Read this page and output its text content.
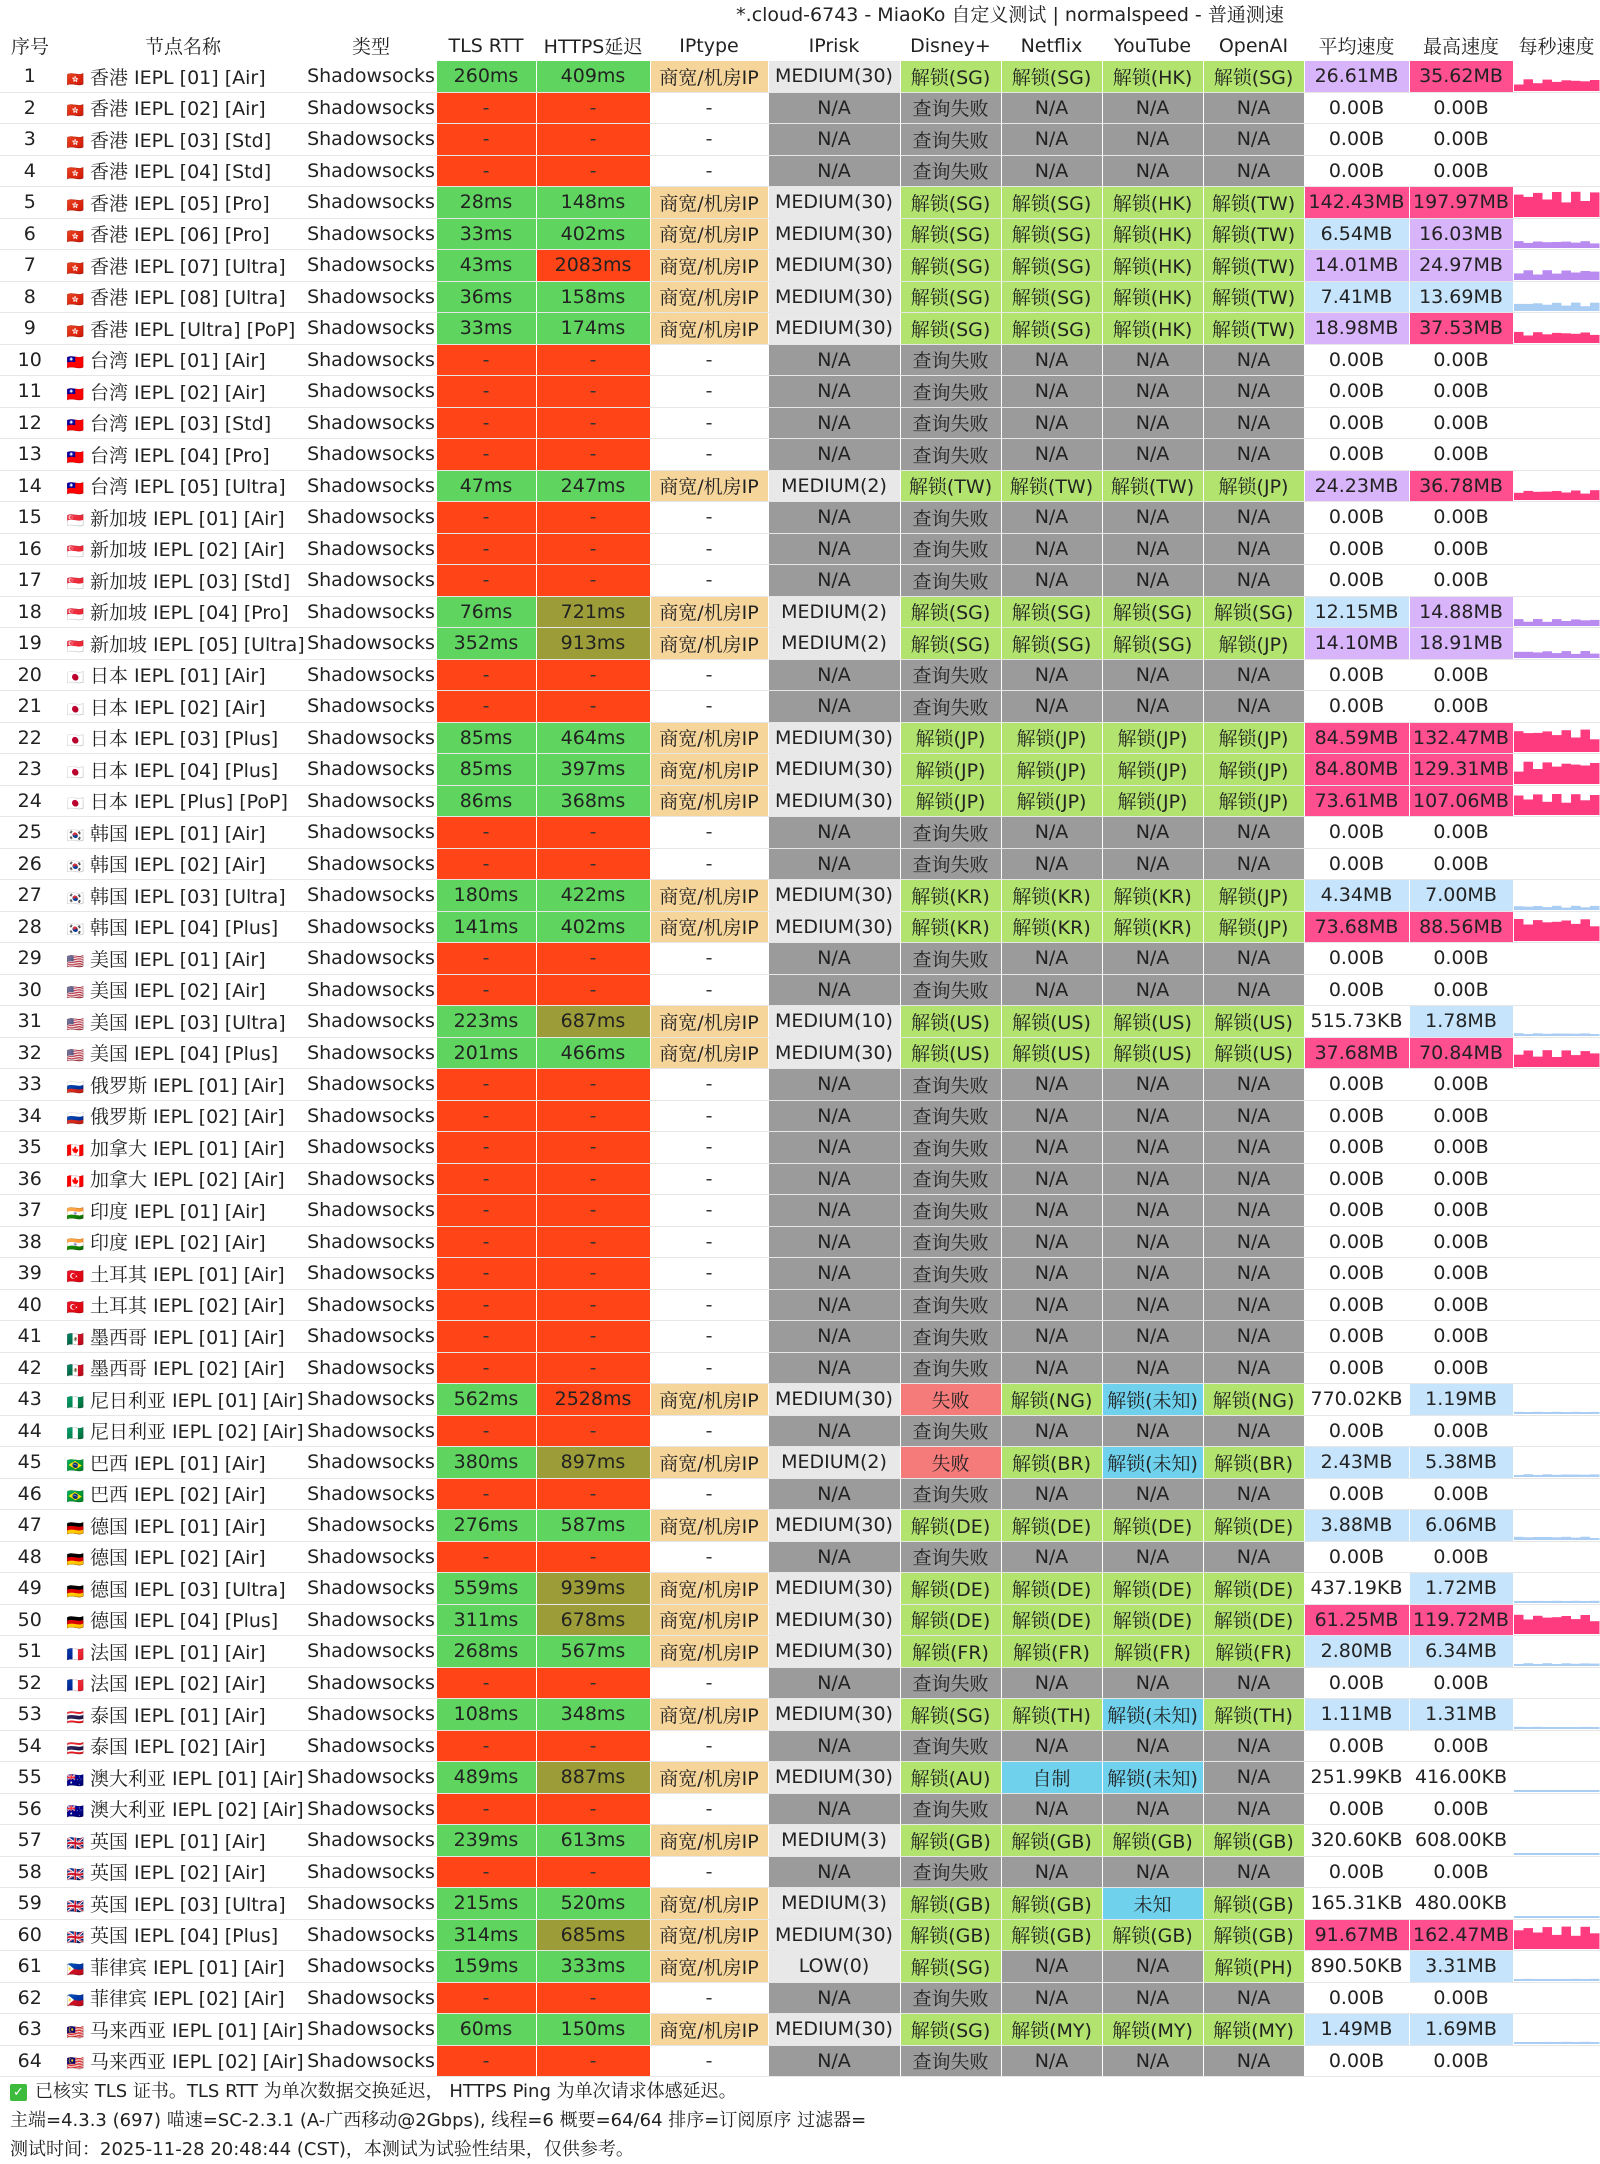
*.cloud-6743 - MiaoKo 自定义测试 | normalspeed - 普通测速
序号	节点名称	类型	TLS RTT	HTTPS延迟	IPtype	IPrisk	Disney+	Netflix	YouTube	OpenAI	平均速度	最高速度	每秒速度
1	🇭🇰 香港 IEPL [01] [Air]	Shadowsocks	260ms	409ms	商宽/机房IP	MEDIUM(30)	解锁(SG)	解锁(SG)	解锁(HK)	解锁(SG)	26.61MB	35.62MB	

2	🇭🇰 香港 IEPL [02] [Air]	Shadowsocks	-	-	-	N/A	查询失败	N/A	N/A	N/A	0.00B	0.00B	
3	🇭🇰 香港 IEPL [03] [Std]	Shadowsocks	-	-	-	N/A	查询失败	N/A	N/A	N/A	0.00B	0.00B	
4	🇭🇰 香港 IEPL [04] [Std]	Shadowsocks	-	-	-	N/A	查询失败	N/A	N/A	N/A	0.00B	0.00B	
5	🇭🇰 香港 IEPL [05] [Pro]	Shadowsocks	28ms	148ms	商宽/机房IP	MEDIUM(30)	解锁(SG)	解锁(SG)	解锁(HK)	解锁(TW)	142.43MB	197.97MB	

6	🇭🇰 香港 IEPL [06] [Pro]	Shadowsocks	33ms	402ms	商宽/机房IP	MEDIUM(30)	解锁(SG)	解锁(SG)	解锁(HK)	解锁(TW)	6.54MB	16.03MB	

7	🇭🇰 香港 IEPL [07] [Ultra]	Shadowsocks	43ms	2083ms	商宽/机房IP	MEDIUM(30)	解锁(SG)	解锁(SG)	解锁(HK)	解锁(TW)	14.01MB	24.97MB	

8	🇭🇰 香港 IEPL [08] [Ultra]	Shadowsocks	36ms	158ms	商宽/机房IP	MEDIUM(30)	解锁(SG)	解锁(SG)	解锁(HK)	解锁(TW)	7.41MB	13.69MB	

9	🇭🇰 香港 IEPL [Ultra] [PoP]	Shadowsocks	33ms	174ms	商宽/机房IP	MEDIUM(30)	解锁(SG)	解锁(SG)	解锁(HK)	解锁(TW)	18.98MB	37.53MB	

10	🇹🇼 台湾 IEPL [01] [Air]	Shadowsocks	-	-	-	N/A	查询失败	N/A	N/A	N/A	0.00B	0.00B	
11	🇹🇼 台湾 IEPL [02] [Air]	Shadowsocks	-	-	-	N/A	查询失败	N/A	N/A	N/A	0.00B	0.00B	
12	🇹🇼 台湾 IEPL [03] [Std]	Shadowsocks	-	-	-	N/A	查询失败	N/A	N/A	N/A	0.00B	0.00B	
13	🇹🇼 台湾 IEPL [04] [Pro]	Shadowsocks	-	-	-	N/A	查询失败	N/A	N/A	N/A	0.00B	0.00B	
14	🇹🇼 台湾 IEPL [05] [Ultra]	Shadowsocks	47ms	247ms	商宽/机房IP	MEDIUM(2)	解锁(TW)	解锁(TW)	解锁(TW)	解锁(JP)	24.23MB	36.78MB	

15	🇸🇬 新加坡 IEPL [01] [Air]	Shadowsocks	-	-	-	N/A	查询失败	N/A	N/A	N/A	0.00B	0.00B	
16	🇸🇬 新加坡 IEPL [02] [Air]	Shadowsocks	-	-	-	N/A	查询失败	N/A	N/A	N/A	0.00B	0.00B	
17	🇸🇬 新加坡 IEPL [03] [Std]	Shadowsocks	-	-	-	N/A	查询失败	N/A	N/A	N/A	0.00B	0.00B	
18	🇸🇬 新加坡 IEPL [04] [Pro]	Shadowsocks	76ms	721ms	商宽/机房IP	MEDIUM(2)	解锁(SG)	解锁(SG)	解锁(SG)	解锁(SG)	12.15MB	14.88MB	

19	🇸🇬 新加坡 IEPL [05] [Ultra]	Shadowsocks	352ms	913ms	商宽/机房IP	MEDIUM(2)	解锁(SG)	解锁(SG)	解锁(SG)	解锁(JP)	14.10MB	18.91MB	

20	🇯🇵 日本 IEPL [01] [Air]	Shadowsocks	-	-	-	N/A	查询失败	N/A	N/A	N/A	0.00B	0.00B	
21	🇯🇵 日本 IEPL [02] [Air]	Shadowsocks	-	-	-	N/A	查询失败	N/A	N/A	N/A	0.00B	0.00B	
22	🇯🇵 日本 IEPL [03] [Plus]	Shadowsocks	85ms	464ms	商宽/机房IP	MEDIUM(30)	解锁(JP)	解锁(JP)	解锁(JP)	解锁(JP)	84.59MB	132.47MB	

23	🇯🇵 日本 IEPL [04] [Plus]	Shadowsocks	85ms	397ms	商宽/机房IP	MEDIUM(30)	解锁(JP)	解锁(JP)	解锁(JP)	解锁(JP)	84.80MB	129.31MB	

24	🇯🇵 日本 IEPL [Plus] [PoP]	Shadowsocks	86ms	368ms	商宽/机房IP	MEDIUM(30)	解锁(JP)	解锁(JP)	解锁(JP)	解锁(JP)	73.61MB	107.06MB	

25	🇰🇷 韩国 IEPL [01] [Air]	Shadowsocks	-	-	-	N/A	查询失败	N/A	N/A	N/A	0.00B	0.00B	
26	🇰🇷 韩国 IEPL [02] [Air]	Shadowsocks	-	-	-	N/A	查询失败	N/A	N/A	N/A	0.00B	0.00B	
27	🇰🇷 韩国 IEPL [03] [Ultra]	Shadowsocks	180ms	422ms	商宽/机房IP	MEDIUM(30)	解锁(KR)	解锁(KR)	解锁(KR)	解锁(JP)	4.34MB	7.00MB	

28	🇰🇷 韩国 IEPL [04] [Plus]	Shadowsocks	141ms	402ms	商宽/机房IP	MEDIUM(30)	解锁(KR)	解锁(KR)	解锁(KR)	解锁(JP)	73.68MB	88.56MB	

29	🇺🇸 美国 IEPL [01] [Air]	Shadowsocks	-	-	-	N/A	查询失败	N/A	N/A	N/A	0.00B	0.00B	
30	🇺🇸 美国 IEPL [02] [Air]	Shadowsocks	-	-	-	N/A	查询失败	N/A	N/A	N/A	0.00B	0.00B	
31	🇺🇸 美国 IEPL [03] [Ultra]	Shadowsocks	223ms	687ms	商宽/机房IP	MEDIUM(10)	解锁(US)	解锁(US)	解锁(US)	解锁(US)	515.73KB	1.78MB	

32	🇺🇸 美国 IEPL [04] [Plus]	Shadowsocks	201ms	466ms	商宽/机房IP	MEDIUM(30)	解锁(US)	解锁(US)	解锁(US)	解锁(US)	37.68MB	70.84MB	

33	🇷🇺 俄罗斯 IEPL [01] [Air]	Shadowsocks	-	-	-	N/A	查询失败	N/A	N/A	N/A	0.00B	0.00B	
34	🇷🇺 俄罗斯 IEPL [02] [Air]	Shadowsocks	-	-	-	N/A	查询失败	N/A	N/A	N/A	0.00B	0.00B	
35	🇨🇦 加拿大 IEPL [01] [Air]	Shadowsocks	-	-	-	N/A	查询失败	N/A	N/A	N/A	0.00B	0.00B	
36	🇨🇦 加拿大 IEPL [02] [Air]	Shadowsocks	-	-	-	N/A	查询失败	N/A	N/A	N/A	0.00B	0.00B	
37	🇮🇳 印度 IEPL [01] [Air]	Shadowsocks	-	-	-	N/A	查询失败	N/A	N/A	N/A	0.00B	0.00B	
38	🇮🇳 印度 IEPL [02] [Air]	Shadowsocks	-	-	-	N/A	查询失败	N/A	N/A	N/A	0.00B	0.00B	
39	🇹🇷 土耳其 IEPL [01] [Air]	Shadowsocks	-	-	-	N/A	查询失败	N/A	N/A	N/A	0.00B	0.00B	
40	🇹🇷 土耳其 IEPL [02] [Air]	Shadowsocks	-	-	-	N/A	查询失败	N/A	N/A	N/A	0.00B	0.00B	
41	🇲🇽 墨西哥 IEPL [01] [Air]	Shadowsocks	-	-	-	N/A	查询失败	N/A	N/A	N/A	0.00B	0.00B	
42	🇲🇽 墨西哥 IEPL [02] [Air]	Shadowsocks	-	-	-	N/A	查询失败	N/A	N/A	N/A	0.00B	0.00B	
43	🇳🇬 尼日利亚 IEPL [01] [Air]	Shadowsocks	562ms	2528ms	商宽/机房IP	MEDIUM(30)	失败	解锁(NG)	解锁(未知)	解锁(NG)	770.02KB	1.19MB	

44	🇳🇬 尼日利亚 IEPL [02] [Air]	Shadowsocks	-	-	-	N/A	查询失败	N/A	N/A	N/A	0.00B	0.00B	
45	🇧🇷 巴西 IEPL [01] [Air]	Shadowsocks	380ms	897ms	商宽/机房IP	MEDIUM(2)	失败	解锁(BR)	解锁(未知)	解锁(BR)	2.43MB	5.38MB	

46	🇧🇷 巴西 IEPL [02] [Air]	Shadowsocks	-	-	-	N/A	查询失败	N/A	N/A	N/A	0.00B	0.00B	
47	🇩🇪 德国 IEPL [01] [Air]	Shadowsocks	276ms	587ms	商宽/机房IP	MEDIUM(30)	解锁(DE)	解锁(DE)	解锁(DE)	解锁(DE)	3.88MB	6.06MB	

48	🇩🇪 德国 IEPL [02] [Air]	Shadowsocks	-	-	-	N/A	查询失败	N/A	N/A	N/A	0.00B	0.00B	
49	🇩🇪 德国 IEPL [03] [Ultra]	Shadowsocks	559ms	939ms	商宽/机房IP	MEDIUM(30)	解锁(DE)	解锁(DE)	解锁(DE)	解锁(DE)	437.19KB	1.72MB	

50	🇩🇪 德国 IEPL [04] [Plus]	Shadowsocks	311ms	678ms	商宽/机房IP	MEDIUM(30)	解锁(DE)	解锁(DE)	解锁(DE)	解锁(DE)	61.25MB	119.72MB	

51	🇫🇷 法国 IEPL [01] [Air]	Shadowsocks	268ms	567ms	商宽/机房IP	MEDIUM(30)	解锁(FR)	解锁(FR)	解锁(FR)	解锁(FR)	2.80MB	6.34MB	

52	🇫🇷 法国 IEPL [02] [Air]	Shadowsocks	-	-	-	N/A	查询失败	N/A	N/A	N/A	0.00B	0.00B	
53	🇹🇭 泰国 IEPL [01] [Air]	Shadowsocks	108ms	348ms	商宽/机房IP	MEDIUM(30)	解锁(SG)	解锁(TH)	解锁(未知)	解锁(TH)	1.11MB	1.31MB	

54	🇹🇭 泰国 IEPL [02] [Air]	Shadowsocks	-	-	-	N/A	查询失败	N/A	N/A	N/A	0.00B	0.00B	
55	🇦🇺 澳大利亚 IEPL [01] [Air]	Shadowsocks	489ms	887ms	商宽/机房IP	MEDIUM(30)	解锁(AU)	自制	解锁(未知)	N/A	251.99KB	416.00KB	

56	🇦🇺 澳大利亚 IEPL [02] [Air]	Shadowsocks	-	-	-	N/A	查询失败	N/A	N/A	N/A	0.00B	0.00B	
57	🇬🇧 英国 IEPL [01] [Air]	Shadowsocks	239ms	613ms	商宽/机房IP	MEDIUM(3)	解锁(GB)	解锁(GB)	解锁(GB)	解锁(GB)	320.60KB	608.00KB	

58	🇬🇧 英国 IEPL [02] [Air]	Shadowsocks	-	-	-	N/A	查询失败	N/A	N/A	N/A	0.00B	0.00B	
59	🇬🇧 英国 IEPL [03] [Ultra]	Shadowsocks	215ms	520ms	商宽/机房IP	MEDIUM(3)	解锁(GB)	解锁(GB)	未知	解锁(GB)	165.31KB	480.00KB	

60	🇬🇧 英国 IEPL [04] [Plus]	Shadowsocks	314ms	685ms	商宽/机房IP	MEDIUM(30)	解锁(GB)	解锁(GB)	解锁(GB)	解锁(GB)	91.67MB	162.47MB	

61	🇵🇭 菲律宾 IEPL [01] [Air]	Shadowsocks	159ms	333ms	商宽/机房IP	LOW(0)	解锁(SG)	N/A	N/A	解锁(PH)	890.50KB	3.31MB	

62	🇵🇭 菲律宾 IEPL [02] [Air]	Shadowsocks	-	-	-	N/A	查询失败	N/A	N/A	N/A	0.00B	0.00B	
63	🇲🇾 马来西亚 IEPL [01] [Air]	Shadowsocks	60ms	150ms	商宽/机房IP	MEDIUM(30)	解锁(SG)	解锁(MY)	解锁(MY)	解锁(MY)	1.49MB	1.69MB	

64	🇲🇾 马来西亚 IEPL [02] [Air]	Shadowsocks	-	-	-	N/A	查询失败	N/A	N/A	N/A	0.00B	0.00B	
✓ 已核实 TLS 证书。TLS RTT 为单次数据交换延迟， HTTPS Ping 为单次请求体感延迟。
主端=4.3.3 (697) 喵速=SC-2.3.1 (A-广西移动@2Gbps), 线程=6 概要=64/64 排序=订阅原序 过滤器=
测试时间：2025-11-28 20:48:44 (CST)，本测试为试验性结果，仅供参考。
